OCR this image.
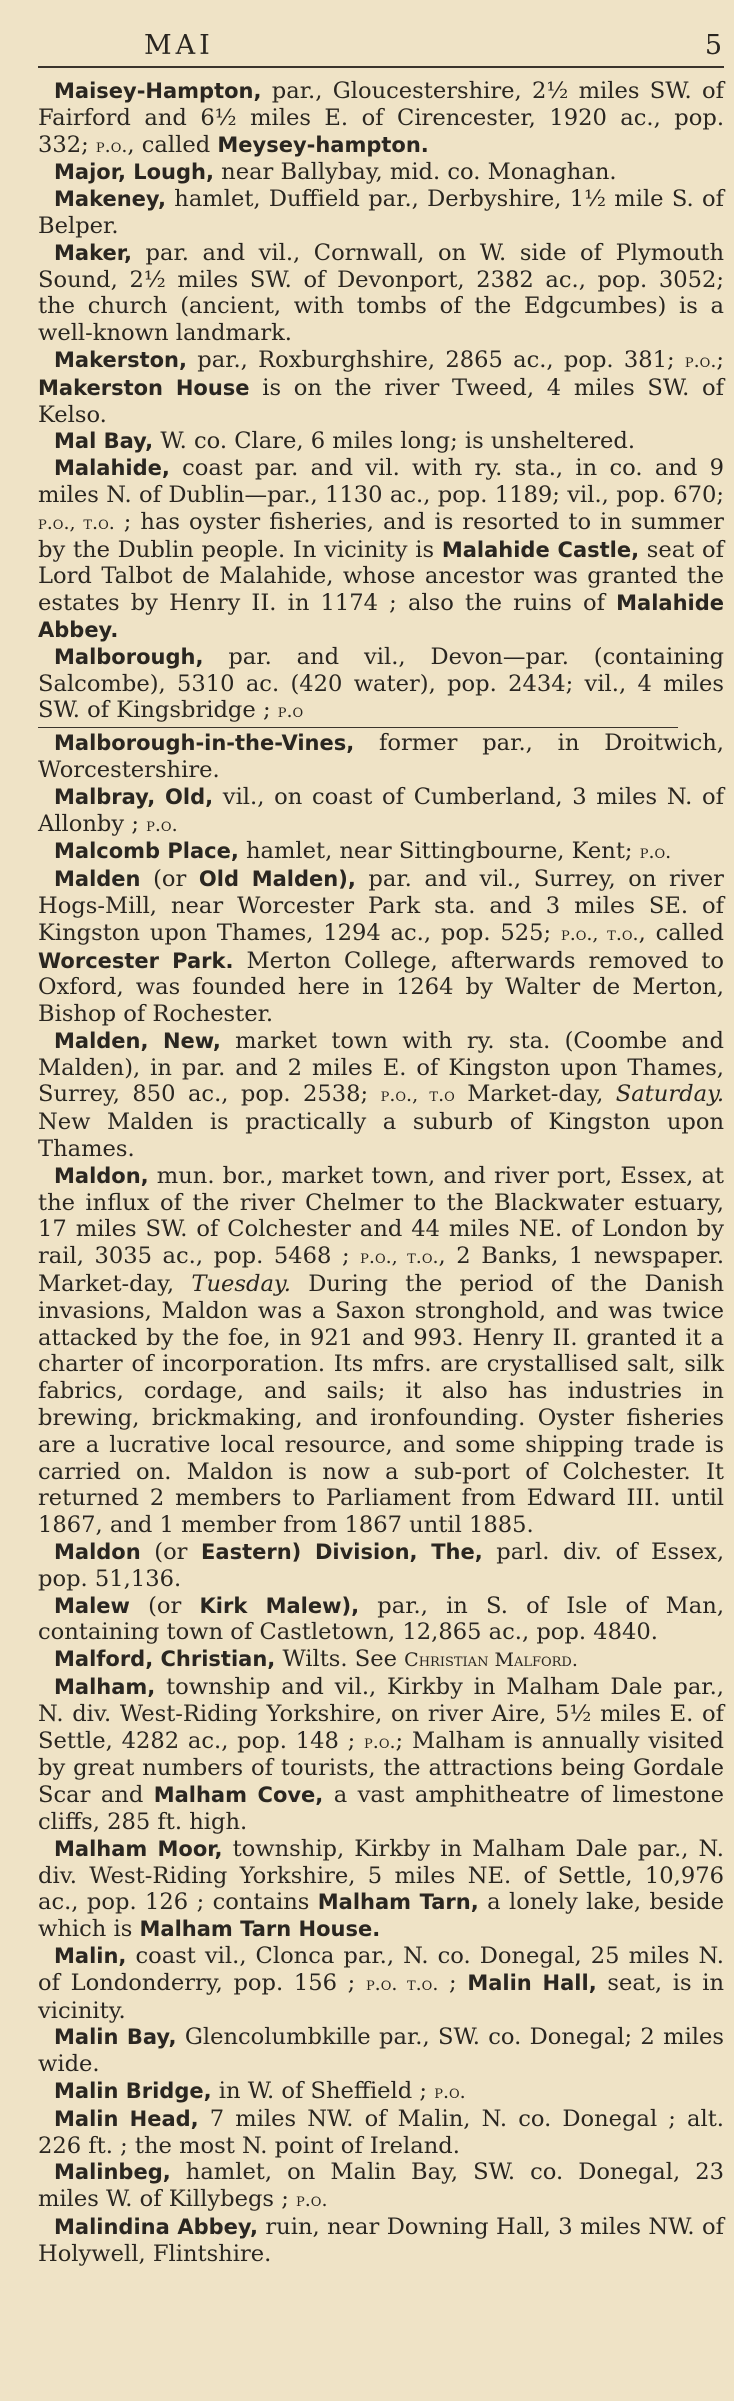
MAI	5

Maisey-Hampton, par., Gloucestershire, 2½ miles SW. of Fairford and 6½ miles E. of Cirencester, 1920 ac., pop. 332; p.o., called Meysey-hampton.

Major, Lough, near Ballybay, mid. co. Monaghan.

Makeney, hamlet, Duffield par., Derbyshire, 1½ mile S. of Belper.

Maker, par. and vil., Cornwall, on W. side of Plymouth Sound, 2½ miles SW. of Devonport, 2382 ac., pop. 3052; the church (ancient, with tombs of the Edgcumbes) is a well-known landmark.

Makerston, par., Roxburghshire, 2865 ac., pop. 381; p.o.; Makerston House is on the river Tweed, 4 miles SW. of Kelso.

Mal Bay, W. co. Clare, 6 miles long; is unsheltered.

Malahide, coast par. and vil. with ry. sta., in co. and 9 miles N. of Dublin—par., 1130 ac., pop. 1189; vil., pop. 670; p.o., t.o. ; has oyster fisheries, and is resorted to in summer by the Dublin people. In vicinity is Malahide Castle, seat of Lord Talbot de Malahide, whose ancestor was granted the estates by Henry II. in 1174 ; also the ruins of Malahide Abbey.

Malborough, par. and vil., Devon—par. (containing Salcombe), 5310 ac. (420 water), pop. 2434; vil., 4 miles SW. of Kingsbridge ; p.o

Malborough-in-the-Vines, former par., in Droitwich, Worcestershire.

Malbray, Old, vil., on coast of Cumberland, 3 miles N. of Allonby ; p.o.

Malcomb Place, hamlet, near Sittingbourne, Kent; p.o.

Malden (or Old Malden), par. and vil., Surrey, on river Hogs-Mill, near Worcester Park sta. and 3 miles SE. of Kingston upon Thames, 1294 ac., pop. 525; p.o., t.o., called Worcester Park. Merton College, afterwards removed to Oxford, was founded here in 1264 by Walter de Merton, Bishop of Rochester.

Malden, New, market town with ry. sta. (Coombe and Malden), in par. and 2 miles E. of Kingston upon Thames, Surrey, 850 ac., pop. 2538; p.o., t.o Market-day, Saturday. New Malden is practically a suburb of Kingston upon Thames.

Maldon, mun. bor., market town, and river port, Essex, at the influx of the river Chelmer to the Blackwater estuary, 17 miles SW. of Colchester and 44 miles NE. of London by rail, 3035 ac., pop. 5468 ; p.o., t.o., 2 Banks, 1 newspaper. Market-day, Tuesday. During the period of the Danish invasions, Maldon was a Saxon stronghold, and was twice attacked by the foe, in 921 and 993. Henry II. granted it a charter of incorporation. Its mfrs. are crystallised salt, silk fabrics, cordage, and sails; it also has industries in brewing, brickmaking, and ironfounding. Oyster fisheries are a lucrative local resource, and some shipping trade is carried on. Maldon is now a sub-port of Colchester. It returned 2 members to Parliament from Edward III. until 1867, and 1 member from 1867 until 1885.

Maldon (or Eastern) Division, The, parl. div. of Essex, pop. 51,136.

Malew (or Kirk Malew), par., in S. of Isle of Man, containing town of Castletown, 12,865 ac., pop. 4840.

Malford, Christian, Wilts. See Christian Malford.

Malham, township and vil., Kirkby in Malham Dale par., N. div. West-Riding Yorkshire, on river Aire, 5½ miles E. of Settle, 4282 ac., pop. 148 ; p.o.; Malham is annually visited by great numbers of tourists, the attractions being Gordale Scar and Malham Cove, a vast amphitheatre of limestone cliffs, 285 ft. high.

Malham Moor, township, Kirkby in Malham Dale par., N. div. West-Riding Yorkshire, 5 miles NE. of Settle, 10,976 ac., pop. 126 ; contains Malham Tarn, a lonely lake, beside which is Malham Tarn House.

Malin, coast vil., Clonca par., N. co. Donegal, 25 miles N. of Londonderry, pop. 156 ; p.o. t.o. ; Malin Hall, seat, is in vicinity.

Malin Bay, Glencolumbkille par., SW. co. Donegal; 2 miles wide.

Malin Bridge, in W. of Sheffield ; p.o.

Malin Head, 7 miles NW. of Malin, N. co. Donegal ; alt. 226 ft. ; the most N. point of Ireland.

Malinbeg, hamlet, on Malin Bay, SW. co. Donegal, 23 miles W. of Killybegs ; p.o.

Malindina Abbey, ruin, near Downing Hall, 3 miles NW. of Holywell, Flintshire.
